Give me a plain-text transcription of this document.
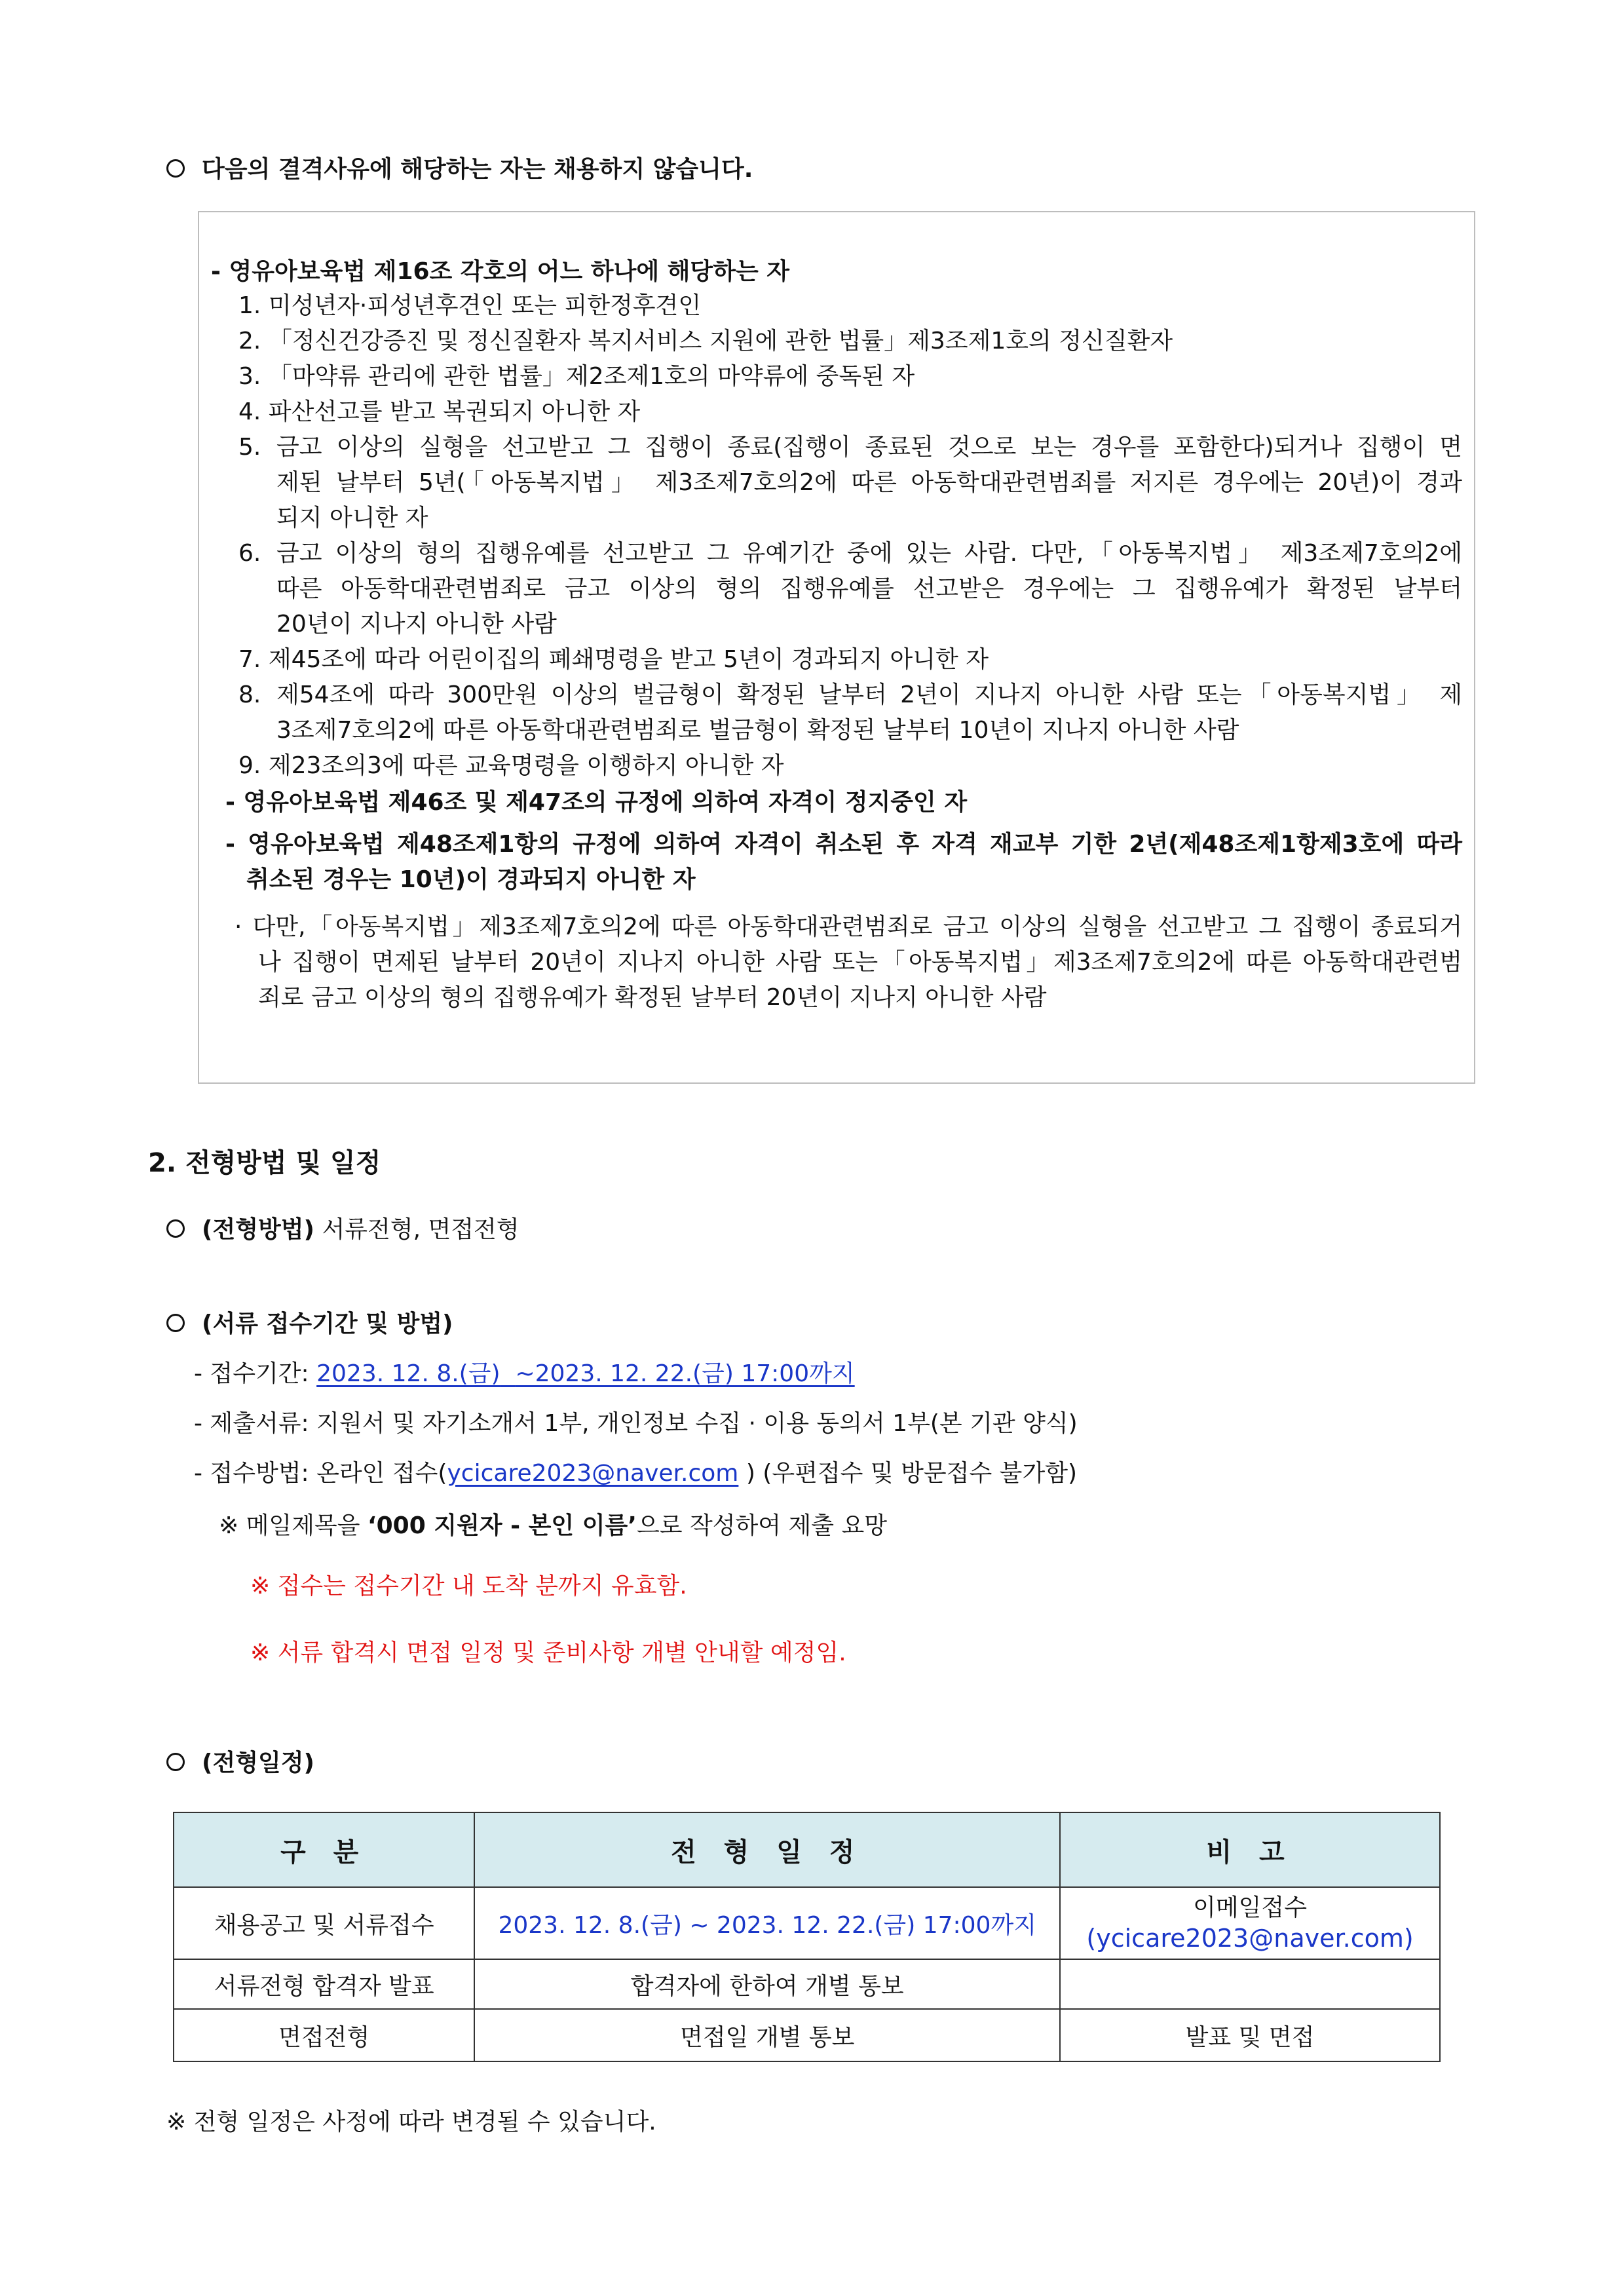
다음의 결격사유에 해당하는 자는 채용하지 않습니다.
- 영유아보육법 제16조 각호의 어느 하나에 해당하는 자
1. 미성년자·피성년후견인 또는 피한정후견인
2. 「정신건강증진 및 정신질환자 복지서비스 지원에 관한 법률」제3조제1호의 정신질환자
3. 「마약류 관리에 관한 법률」제2조제1호의 마약류에 중독된 자
4. 파산선고를 받고 복권되지 아니한 자
5. 금고 이상의 실형을 선고받고 그 집행이 종료(집행이 종료된 것으로 보는 경우를 포함한다)되거나 집행이 면
제된 날부터 5년(「아동복지법」 제3조제7호의2에 따른 아동학대관련범죄를 저지른 경우에는 20년)이 경과
되지 아니한 자
6. 금고 이상의 형의 집행유예를 선고받고 그 유예기간 중에 있는 사람. 다만,「아동복지법」 제3조제7호의2에
따른 아동학대관련범죄로 금고 이상의 형의 집행유예를 선고받은 경우에는 그 집행유예가 확정된 날부터
20년이 지나지 아니한 사람
7. 제45조에 따라 어린이집의 폐쇄명령을 받고 5년이 경과되지 아니한 자
8. 제54조에 따라 300만원 이상의 벌금형이 확정된 날부터 2년이 지나지 아니한 사람 또는「아동복지법」 제
3조제7호의2에 따른 아동학대관련범죄로 벌금형이 확정된 날부터 10년이 지나지 아니한 사람
9. 제23조의3에 따른 교육명령을 이행하지 아니한 자
- 영유아보육법 제46조 및 제47조의 규정에 의하여 자격이 정지중인 자
- 영유아보육법 제48조제1항의 규정에 의하여 자격이 취소된 후 자격 재교부 기한 2년(제48조제1항제3호에 따라
취소된 경우는 10년)이 경과되지 아니한 자
· 다만,「아동복지법」제3조제7호의2에 따른 아동학대관련범죄로 금고 이상의 실형을 선고받고 그 집행이 종료되거
나 집행이 면제된 날부터 20년이 지나지 아니한 사람 또는「아동복지법」제3조제7호의2에 따른 아동학대관련범
죄로 금고 이상의 형의 집행유예가 확정된 날부터 20년이 지나지 아니한 사람
2. 전형방법 및 일정
(전형방법) 서류전형, 면접전형
(서류 접수기간 및 방법)
- 접수기간: 2023. 12. 8.(금) ~2023. 12. 22.(금) 17:00까지
- 제출서류: 지원서 및 자기소개서 1부, 개인정보 수집 · 이용 동의서 1부(본 기관 양식)
- 접수방법: 온라인 접수(ycicare2023@naver.com ) (우편접수 및 방문접수 불가함)
※ 메일제목을 ‘000 지원자 - 본인 이름’으로 작성하여 제출 요망
※ 접수는 접수기간 내 도착 분까지 유효함.
※ 서류 합격시 면접 일정 및 준비사항 개별 안내할 예정임.
(전형일정)
구 분	전 형 일 정	비 고
채용공고 및 서류접수	2023. 12. 8.(금) ~ 2023. 12. 22.(금) 17:00까지	이메일접수
(ycicare2023@naver.com)

서류전형 합격자 발표	합격자에 한하여 개별 통보	
면접전형	면접일 개별 통보	발표 및 면접
※ 전형 일정은 사정에 따라 변경될 수 있습니다.
